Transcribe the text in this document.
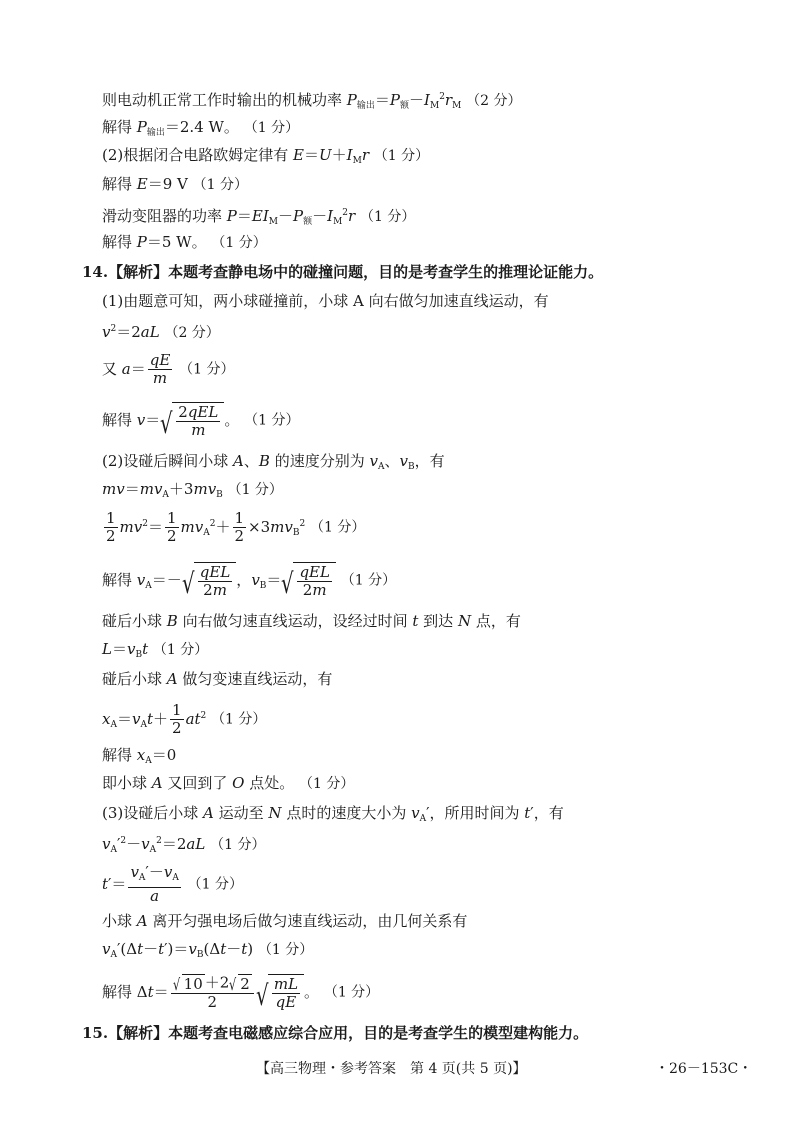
则电动机正常工作时输出的机械功率 $P_{输出}=P_额-I_M^2r_M$ （2 分）
解得 $P_{输出}=2.4$ W。 （1 分）
(2)根据闭合电路欧姆定律有 $E=U+I_Mr$ （1 分）
解得 E＝9 V （1 分）
滑动变阻器的功率 $P=EI_M-P_额-I_M^2r$ （1 分）
解得 P＝5 W。 （1 分）
14.【解析】本题考查静电场中的碰撞问题，目的是考查学生的推理论证能力。
(1)由题意可知，两小球碰撞前，小球 A 向右做匀加速直线运动，有
$v^2=2aL$ （2 分）
又 $a= \frac{qE}{m} (1$ 分）
解得 v＝ √ $\frac{\text{2qEL}}{m}$ 。 （1 分）
(2)设碰后瞬间小球 A、B 的速度分别为 $v_A$、$v_B$，有
$mv=mv_A+3mv_B$ （1 分）
$\frac{1}{2} mv^2= \frac{1}{2} mv_A^2+ \frac{1}{2} \times 3mv_B^2$ （1 分）
解得 $v_A=-$ √ $\frac{\text{qEL}}{2m}$ ，$v_B=$ √ $\frac{\text{qEL}}{2m} (1$ 分）
碰后小球 B 向右做匀速直线运动，设经过时间 t 到达 N 点，有
$L=v_Bt$ （1 分）
碰后小球 A 做匀变速直线运动，有
$x_A=v_At+ \frac{1}{2} at^2$ （1 分）
解得 $x_A=0$
即小球 A 又回到了 O 点处。 （1 分）
(3)设碰后小球 A 运动至 N 点时的速度大小为 $v_A'$，所用时间为 t′，有
$v_A'^2-v_A^2=2aL$ （1 分）
$t'= \frac{v_A'-v_A}{a} (1$ 分）
小球 A 离开匀强电场后做匀速直线运动，由几何关系有
$v_A'(\Delta t-t')=v_B(\Delta t-t)$ （1 分）
解得 $\Delta t= \frac{√ 10 +2 √ 2}{2}$ √ $\frac{mL}{qE}$ 。 （1 分）
15.【解析】本题考查电磁感应综合应用，目的是考查学生的模型建构能力。
【高三物理・参考答案　第 4 页(共 5 页)】	・26－153C・
